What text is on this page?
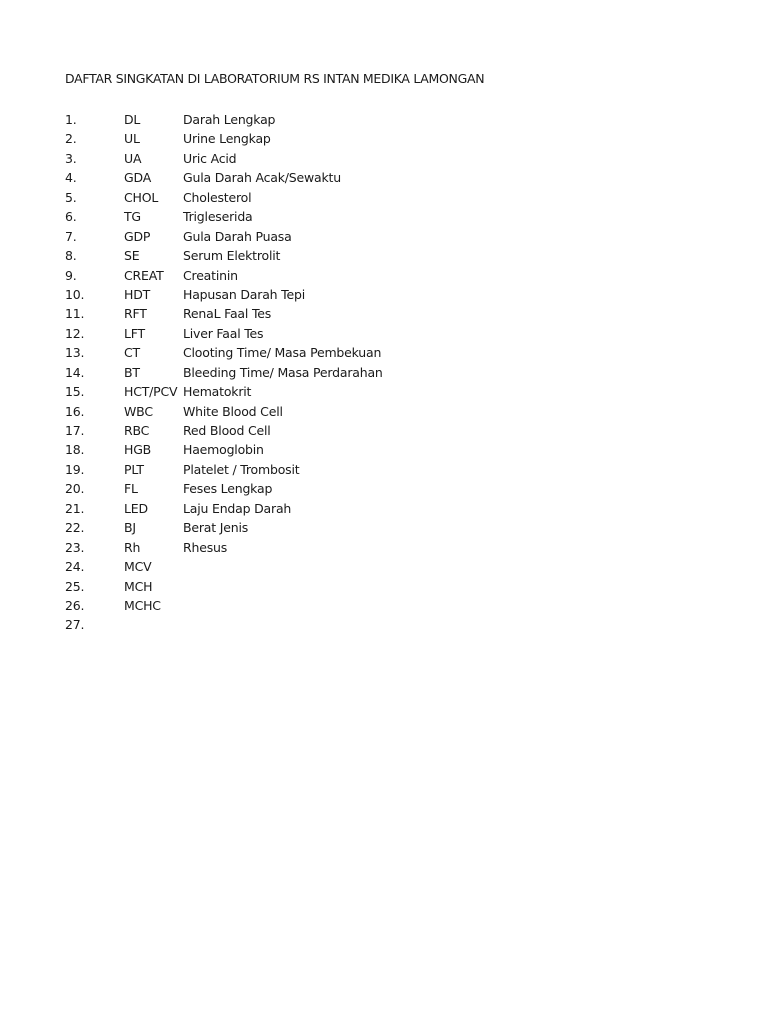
DAFTAR SINGKATAN DI LABORATORIUM RS INTAN MEDIKA LAMONGAN
1.	DL	Darah Lengkap
2.	UL	Urine Lengkap
3.	UA	Uric Acid
4.	GDA	Gula Darah Acak/Sewaktu
5.	CHOL Cholesterol
6.	TG	Trigleserida
7.	GDP	Gula Darah Puasa
8.	SE	Serum Elektrolit
9.	CREAT Creatinin
10.	HDT	Hapusan Darah Tepi
11.	RFT	RenaL Faal Tes
12.	LFT	Liver Faal Tes
13.	CT	Clooting Time/ Masa Pembekuan
14.	BT	Bleeding Time/ Masa Perdarahan
15.	HCT/PCV Hematokrit
16.	WBC White Blood Cell
17.	RBC	Red Blood Cell
18.	HGB	Haemoglobin
19.	PLT	Platelet / Trombosit
20.	FL	Feses Lengkap
21.	LED	Laju Endap Darah
22.	BJ	Berat Jenis
23.	Rh	Rhesus
24.	MCV
25.	MCH
26.	MCHC
27.
